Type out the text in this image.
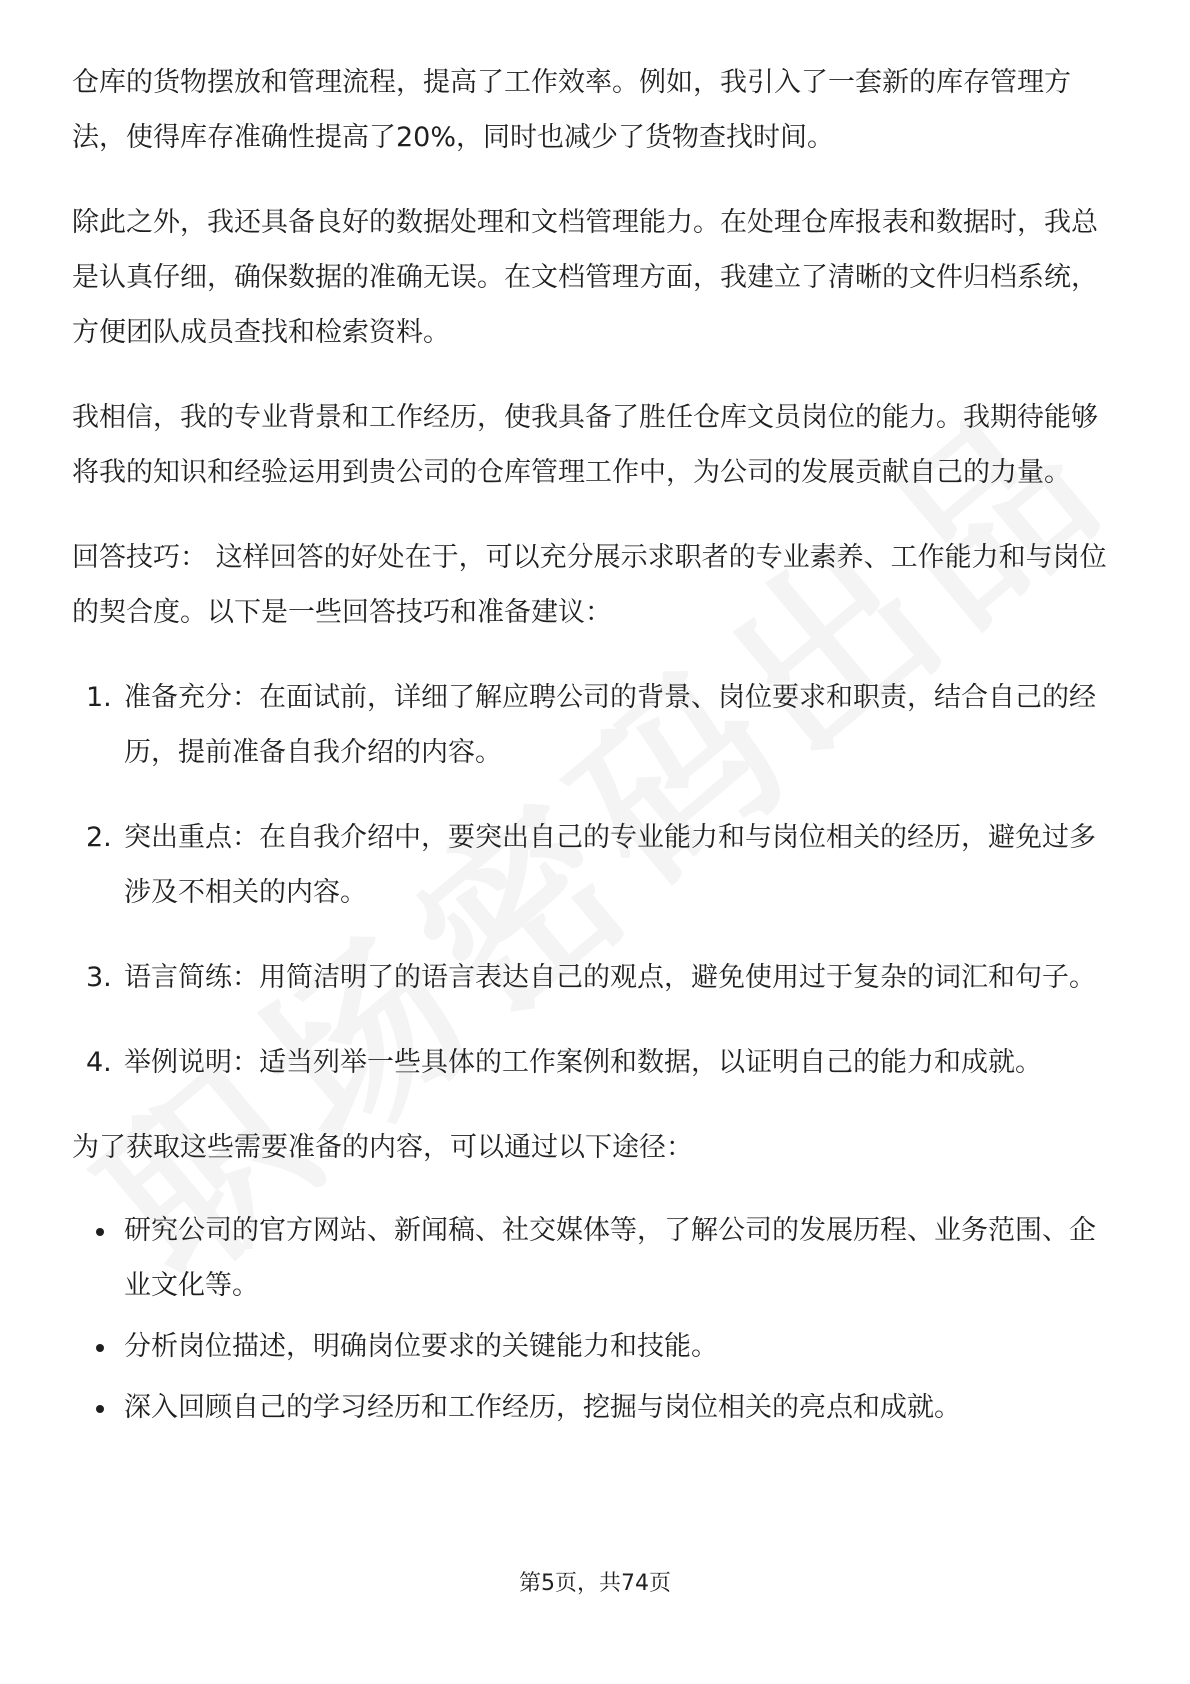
仓库的货物摆放和管理流程，提高了工作效率。例如，我引入了一套新的库存管理方法，使得库存准确性提高了20%，同时也减少了货物查找时间。

除此之外，我还具备良好的数据处理和文档管理能力。在处理仓库报表和数据时，我总是认真仔细，确保数据的准确无误。在文档管理方面，我建立了清晰的文件归档系统，方便团队成员查找和检索资料。

我相信，我的专业背景和工作经历，使我具备了胜任仓库文员岗位的能力。我期待能够将我的知识和经验运用到贵公司的仓库管理工作中，为公司的发展贡献自己的力量。

回答技巧： 这样回答的好处在于，可以充分展示求职者的专业素养、工作能力和与岗位的契合度。以下是一些回答技巧和准备建议：

1. 准备充分：在面试前，详细了解应聘公司的背景、岗位要求和职责，结合自己的经历，提前准备自我介绍的内容。
2. 突出重点：在自我介绍中，要突出自己的专业能力和与岗位相关的经历，避免过多涉及不相关的内容。
3. 语言简练：用简洁明了的语言表达自己的观点，避免使用过于复杂的词汇和句子。
4. 举例说明：适当列举一些具体的工作案例和数据，以证明自己的能力和成就。

为了获取这些需要准备的内容，可以通过以下途径：

研究公司的官方网站、新闻稿、社交媒体等，了解公司的发展历程、业务范围、企业文化等。
分析岗位描述，明确岗位要求的关键能力和技能。
深入回顾自己的学习经历和工作经历，挖掘与岗位相关的亮点和成就。
第5页，共74页
